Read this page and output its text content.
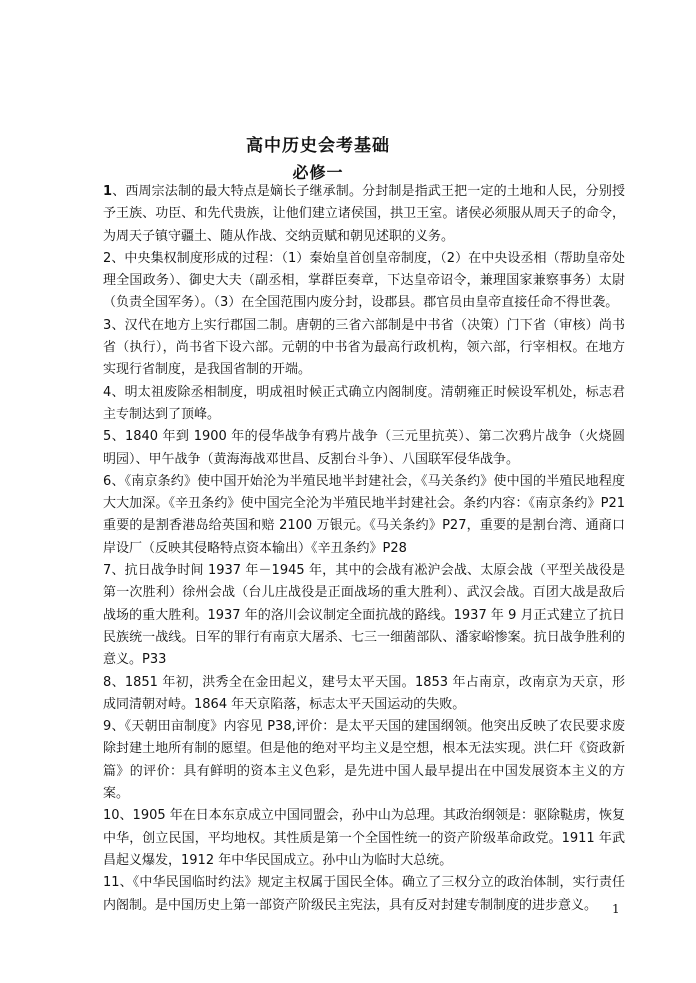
高中历史会考基础
必修一

1、西周宗法制的最大特点是嫡长子继承制。分封制是指武王把一定的土地和人民，分别授予王族、功臣、和先代贵族，让他们建立诸侯国，拱卫王室。诸侯必须服从周天子的命令，为周天子镇守疆土、随从作战、交纳贡赋和朝见述职的义务。

2、中央集权制度形成的过程：（1）秦始皇首创皇帝制度，（2）在中央设丞相（帮助皇帝处理全国政务）、御史大夫（副丞相，掌群臣奏章，下达皇帝诏令，兼理国家兼察事务）太尉（负责全国军务）。（3）在全国范围内废分封，设郡县。郡官员由皇帝直接任命不得世袭。

3、汉代在地方上实行郡国二制。唐朝的三省六部制是中书省（决策）门下省（审核）尚书省（执行），尚书省下设六部。元朝的中书省为最高行政机构，领六部，行宰相权。在地方实现行省制度，是我国省制的开端。

4、明太祖废除丞相制度，明成祖时候正式确立内阁制度。清朝雍正时候设军机处，标志君主专制达到了顶峰。

5、1840 年到 1900 年的侵华战争有鸦片战争（三元里抗英）、第二次鸦片战争（火烧圆明园）、甲午战争（黄海海战邓世昌、反割台斗争）、八国联军侵华战争。

6、《南京条约》使中国开始沦为半殖民地半封建社会，《马关条约》使中国的半殖民地程度大大加深。《辛丑条约》使中国完全沦为半殖民地半封建社会。条约内容：《南京条约》P21 重要的是割香港岛给英国和赔 2100 万银元。《马关条约》P27，重要的是割台湾、通商口岸设厂（反映其侵略特点资本输出）《辛丑条约》P28

7、抗日战争时间 1937 年－1945 年，其中的会战有凇沪会战、太原会战（平型关战役是第一次胜利）徐州会战（台儿庄战役是正面战场的重大胜利）、武汉会战。百团大战是敌后战场的重大胜利。1937 年的洛川会议制定全面抗战的路线。1937 年 9 月正式建立了抗日民族统一战线。日军的罪行有南京大屠杀、七三一细菌部队、潘家峪惨案。抗日战争胜利的意义。P33

8、1851 年初，洪秀全在金田起义，建号太平天国。1853 年占南京，改南京为天京，形成同清朝对峙。1864 年天京陷落，标志太平天国运动的失败。

9、《天朝田亩制度》内容见 P38,评价：是太平天国的建国纲领。他突出反映了农民要求废除封建土地所有制的愿望。但是他的绝对平均主义是空想，根本无法实现。洪仁玕《资政新篇》的评价：具有鲜明的资本主义色彩，是先进中国人最早提出在中国发展资本主义的方案。

10、1905 年在日本东京成立中国同盟会，孙中山为总理。其政治纲领是：驱除鞑虏，恢复中华，创立民国，平均地权。其性质是第一个全国性统一的资产阶级革命政党。1911 年武昌起义爆发，1912 年中华民国成立。孙中山为临时大总统。

11、《中华民国临时约法》规定主权属于国民全体。确立了三权分立的政治体制，实行责任内阁制。是中国历史上第一部资产阶级民主宪法，具有反对封建专制制度的进步意义。	1
